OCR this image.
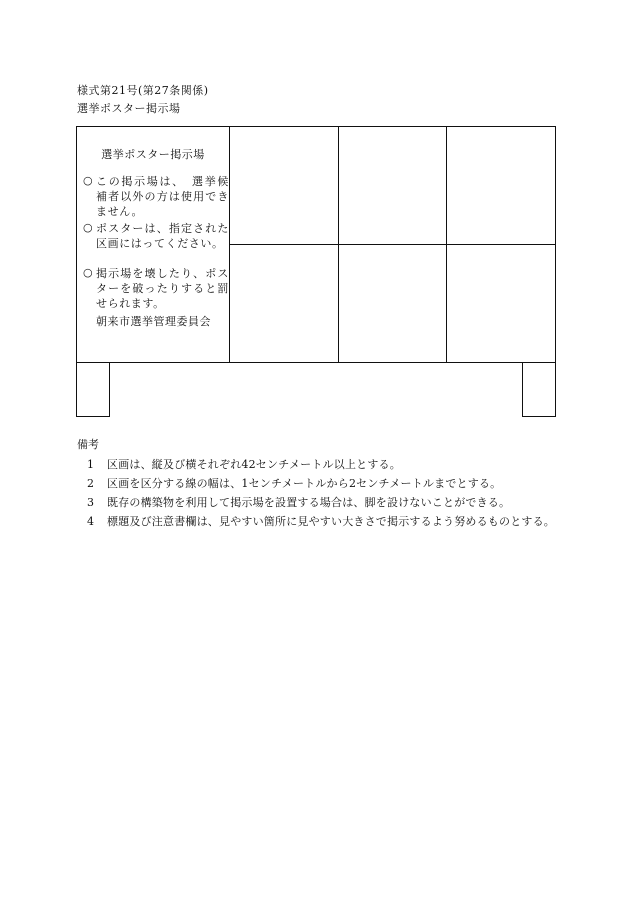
様式第21号(第27条関係)
選挙ポスター掲示場
選挙ポスター掲示場
○ この掲示場は、　選挙候補者以外の方は使用できません。
○ ポスターは、指定された区画にはってください。
○ 掲示場を壊したり、ポスターを破ったりすると罰せられます。
朝来市選挙管理委員会
備考
1 区画は、縦及び横それぞれ42センチメートル以上とする。
2 区画を区分する線の幅は、1センチメートルから2センチメートルまでとする。
3 既存の構築物を利用して掲示場を設置する場合は、脚を設けないことができる。
4 標題及び注意書欄は、見やすい箇所に見やすい大きさで掲示するよう努めるものとする。
